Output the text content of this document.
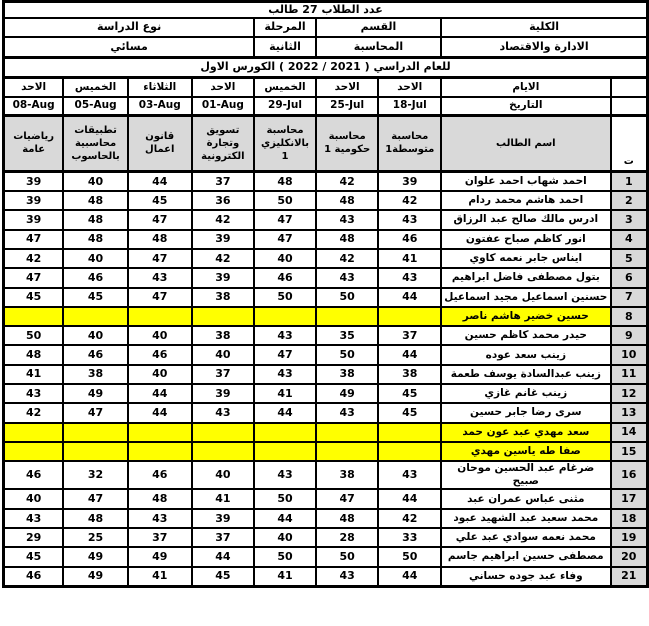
عدد الطلاب 27 طالب								
الكلية		القسم		المرحلة	نوع الدراسة			
الادارة والاقتصاد		المحاسبة		الثانية	مسائي			
للعام الدراسي ( 2021 / 2022 ) الكورس الاول								
	الايام	الاحد	الاحد	الخميس	الاحد	الثلاثاء	الخميس	الاحد
	التاريخ	18-Jul	25-Jul	29-Jul	01-Aug	03-Aug	05-Aug	08-Aug
ت	اسم الطالب	محاسبة متوسطة1	محاسبة حكومية 1	محاسبة بالانكليزي 1	تسويق وتجارة الكترونية	قانون اعمال	تطبيقات محاسبية بالحاسوب	رياضيات عامة
1	احمد شهاب احمد علوان	39	42	48	37	44	40	39
2	احمد هاشم محمد ردام	42	48	50	36	45	48	39
3	ادرس مالك صالح عبد الرزاق	43	43	47	42	47	48	39
4	انور كاظم صباح عفتون	46	48	47	39	48	48	47
5	ايناس جابر نعمه كاوي	41	42	40	42	47	40	42
6	بتول مصطفى فاضل ابراهيم	43	43	46	39	43	46	47
7	حسنين اسماعيل مجيد اسماعيل	44	50	50	38	47	45	45
8	حسين خضير هاشم ناصر							
9	حيدر محمد كاظم حسين	37	35	43	38	40	40	50
10	زينب سعد عوده	44	50	47	40	46	46	48
11	زينب عبدالسادة يوسف طعمة	38	38	43	37	40	38	41
12	زينب غانم غازي	45	49	41	39	44	49	43
13	سرى رضا جابر حسين	45	43	44	43	44	47	42
14	سعد مهدي عبد عون حمد							
15	صفا طه ياسين مهدي							
16	ضرغام عبد الحسين موحان صبيح	43	38	43	40	46	32	46
17	مثنى عباس عمران عبد	44	47	50	41	48	47	40
18	محمد سعيد عبد الشهيد عبود	42	48	44	39	43	48	43
19	محمد نعمه سوادي عبد علي	33	28	40	37	37	25	29
20	مصطفى حسين ابراهيم جاسم	50	50	50	44	49	49	45
21	وفاء عبد جوده حساني	44	43	41	45	41	49	46
